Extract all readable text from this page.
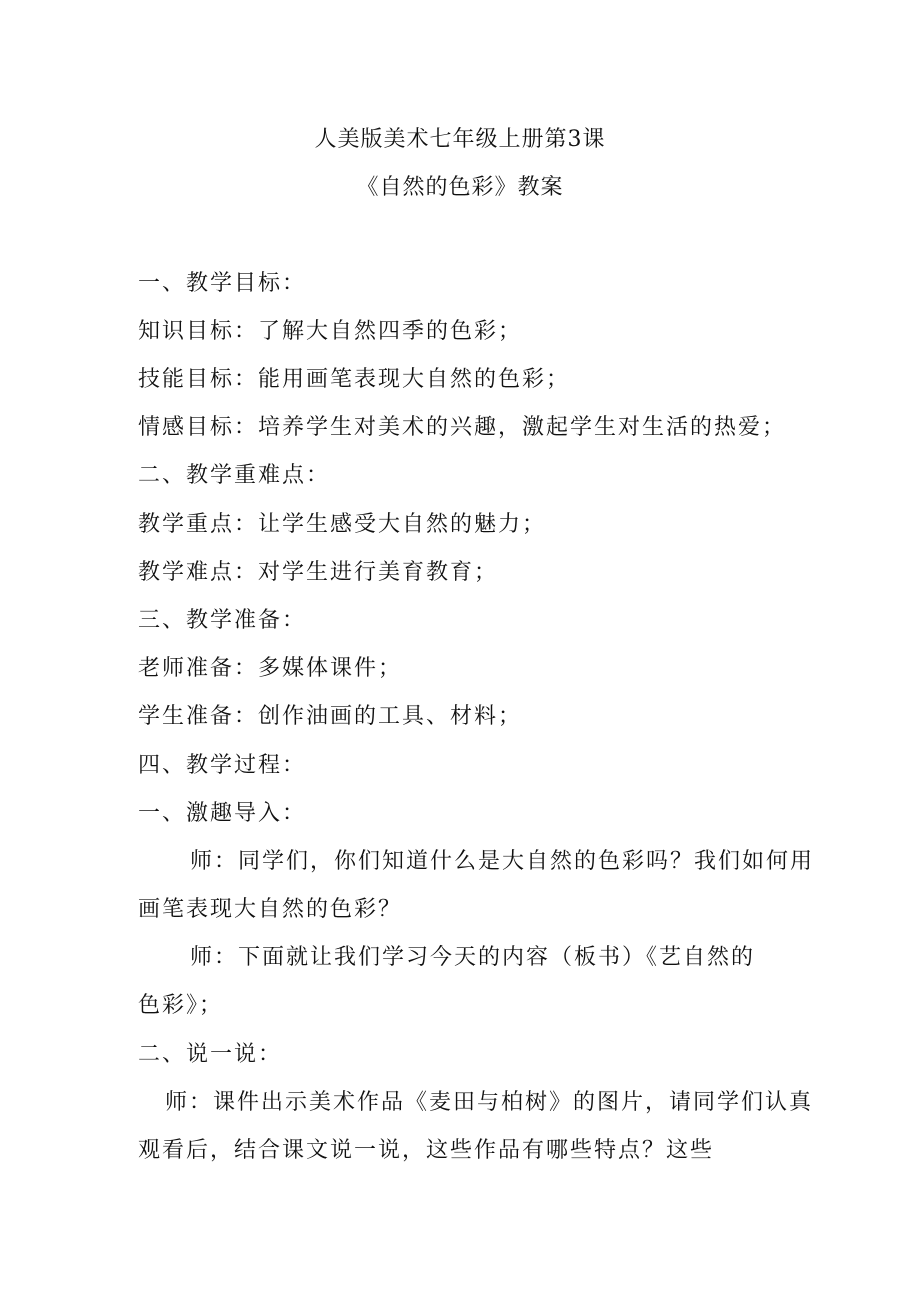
人美版美术七年级上册第3课
《自然的色彩》教案
一、教学目标：
知识目标：了解大自然四季的色彩；
技能目标：能用画笔表现大自然的色彩；
情感目标：培养学生对美术的兴趣，激起学生对生活的热爱；
二、教学重难点：
教学重点：让学生感受大自然的魅力；
教学难点：对学生进行美育教育；
三、教学准备：
老师准备：多媒体课件；
学生准备：创作油画的工具、材料；
四、教学过程：
一、激趣导入：
师：同学们，你们知道什么是大自然的色彩吗？我们如何用
画笔表现大自然的色彩？
师：下面就让我们学习今天的内容（板书）《艺自然的
色彩》；
二、说一说：
师：课件出示美术作品《麦田与柏树》的图片，请同学们认真
观看后，结合课文说一说，这些作品有哪些特点？这些
